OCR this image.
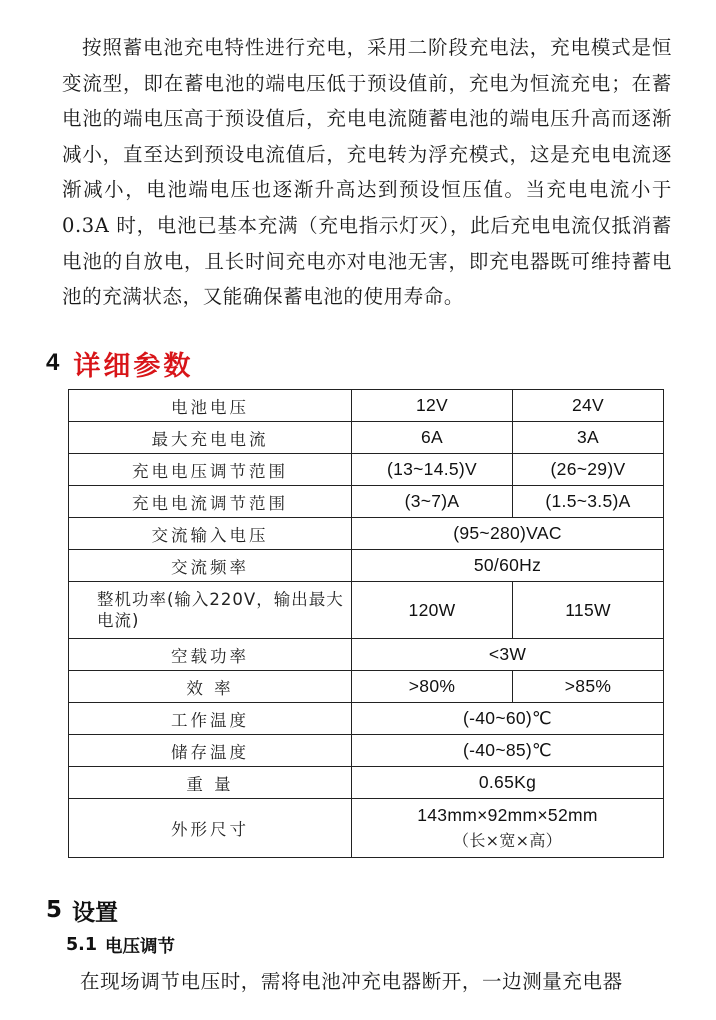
按照蓄电池充电特性进行充电，采用二阶段充电法，充电模式是恒变流型，即在蓄电池的端电压低于预设值前，充电为恒流充电；在蓄电池的端电压高于预设值后，充电电流随蓄电池的端电压升高而逐渐减小，直至达到预设电流值后，充电转为浮充模式，这是充电电流逐渐减小，电池端电压也逐渐升高达到预设恒压值。当充电电流小于 0.3A 时，电池已基本充满（充电指示灯灭），此后充电电流仅抵消蓄电池的自放电，且长时间充电亦对电池无害，即充电器既可维持蓄电池的充满状态，又能确保蓄电池的使用寿命。

4 详细参数
电池电压	12V	24V
最大充电电流	6A	3A
充电电压调节范围	(13~14.5)V	(26~29)V
充电电流调节范围	(3~7)A	(1.5~3.5)A
交流输入电压	(95~280)VAC	
交流频率	50/60Hz	
整机功率(输入220V，输出最大电流)	120W	115W
空载功率	<3W	
效 率	>80%	>85%
工作温度	(-40~60)℃	
储存温度	(-40~85)℃	
重 量	0.65Kg	
外形尺寸	143mm×92mm×52mm
（长×宽×高）	
5 设置
5.1 电压调节

在现场调节电压时，需将电池冲充电器断开，一边测量充电器
